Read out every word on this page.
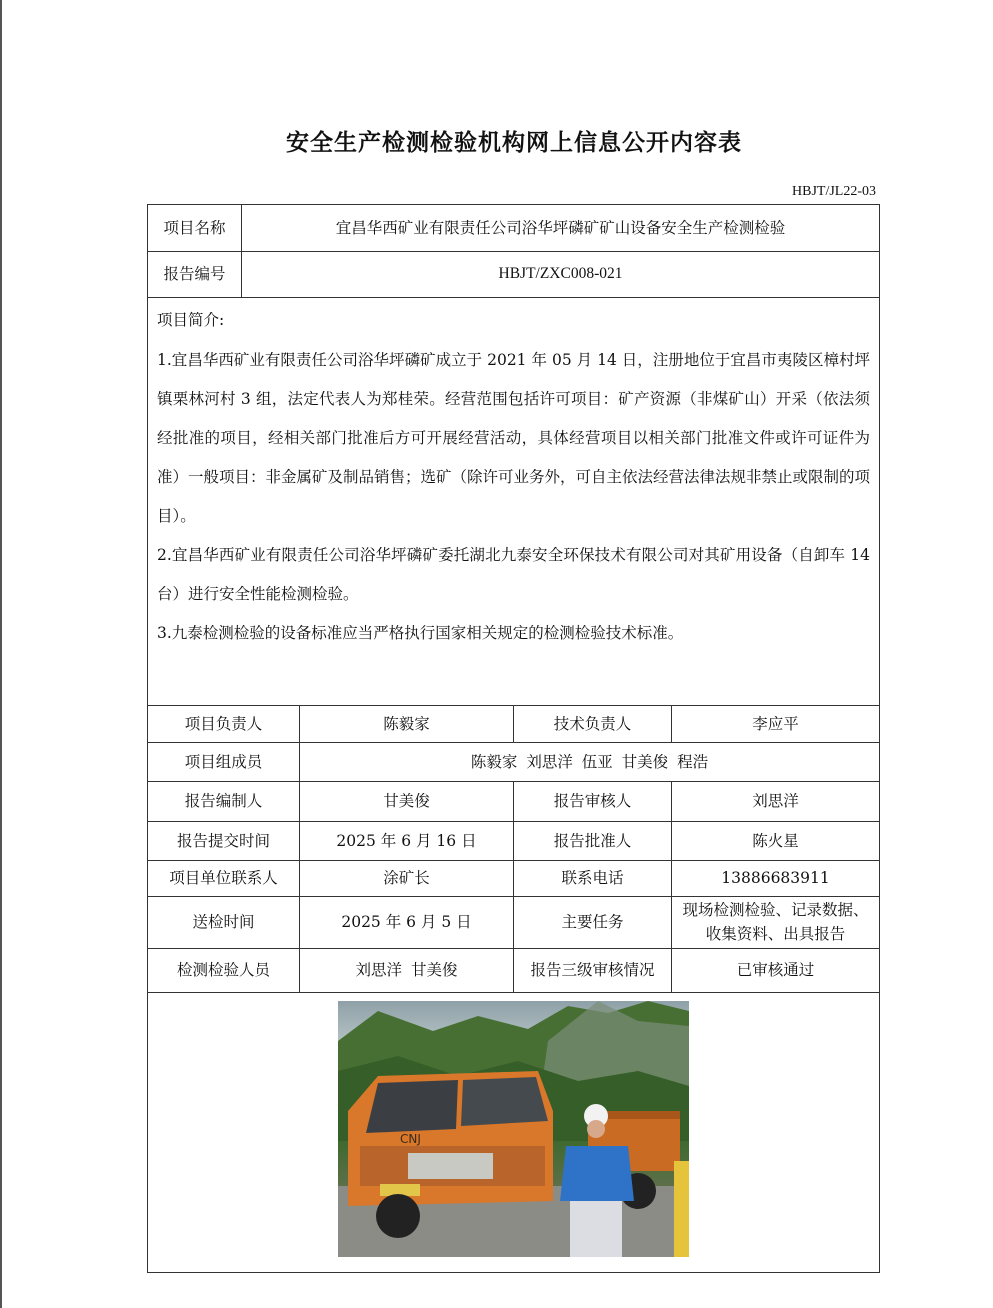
安全生产检测检验机构网上信息公开内容表
HBJT/JL22-03
项目名称	宜昌华西矿业有限责任公司浴华坪磷矿矿山设备安全生产检测检验			
报告编号	HBJT/ZXC008-021			

项目简介:
1.宜昌华西矿业有限责任公司浴华坪磷矿成立于 2021 年 05 月 14 日，注册地位于宜昌市夷陵区樟村坪镇栗林河村 3 组，法定代表人为郑桂荣。经营范围包括许可项目：矿产资源（非煤矿山）开采（依法须经批准的项目，经相关部门批准后方可开展经营活动，具体经营项目以相关部门批准文件或许可证件为准）一般项目：非金属矿及制品销售；选矿（除许可业务外，可自主依法经营法律法规非禁止或限制的项目）。
2.宜昌华西矿业有限责任公司浴华坪磷矿委托湖北九泰安全环保技术有限公司对其矿用设备（自卸车 14 台）进行安全性能检测检验。
3.九泰检测检验的设备标准应当严格执行国家相关规定的检测检验技术标准。				

项目负责人		陈毅家	技术负责人	李应平
项目组成员		陈毅家 刘思洋 伍亚 甘美俊 程浩		
报告编制人		甘美俊	报告审核人	刘思洋
报告提交时间		2025 年 6 月 16 日	报告批准人	陈火星
项目单位联系人		涂矿长	联系电话	13886683911
送检时间		2025 年 6 月 5 日	主要任务	现场检测检验、记录数据、收集资料、出具报告
检测检验人员		刘思洋 甘美俊	报告三级审核情况	已审核通过

CNJ				
